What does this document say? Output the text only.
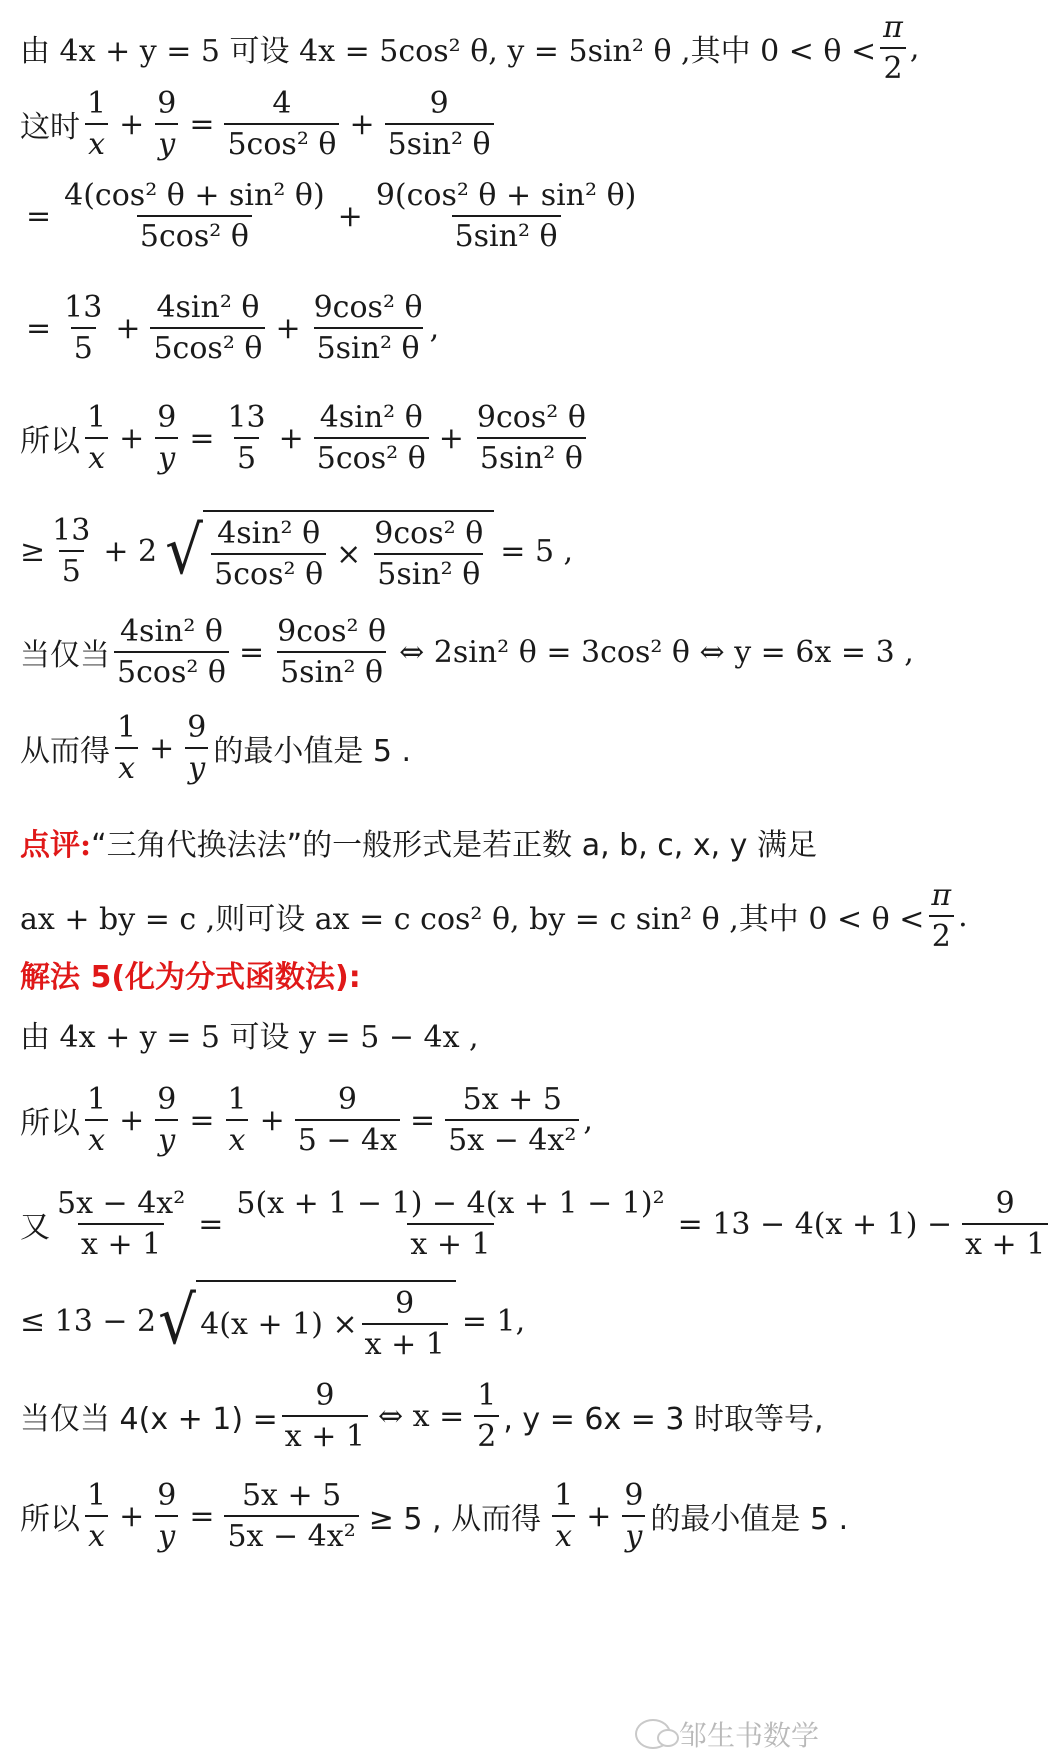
由 4x + y = 5 可设 4x = 5cos² θ, y = 5sin² θ ,其中 $0 < \theta < \frac{\pi}{2}$ ,
这时 $\frac{1}{x} + \frac{9}{y} = \frac{4}{\text{5cos² θ}} + \frac{9}{\text{5sin² θ}}$
= $\frac{\text{4(cos² θ + sin² θ)}}{\text{5cos² θ}} + \frac{\text{9(cos² θ + sin² θ)}}{\text{5sin² θ}}$
= $\frac{13}{5} + \frac{\text{4sin² θ}}{\text{5cos² θ}} + \frac{\text{9cos² θ}}{\text{5sin² θ}}$ ,
所以 $\frac{1}{x} + \frac{9}{y} = \frac{13}{5} + \frac{\text{4sin² θ}}{\text{5cos² θ}} + \frac{\text{9cos² θ}}{\text{5sin² θ}}$
≥ $\frac{13}{5} + 2$ √ $\frac{\text{4sin² θ}}{\text{5cos² θ}} \times \frac{\text{9cos² θ}}{\text{5sin² θ}} = 5$ ,
当仅当 $\frac{\text{4sin² θ}}{\text{5cos² θ}} = \frac{\text{9cos² θ}}{\text{5sin² θ}}$ ⇔ 2sin² θ = 3cos² θ ⇔ y = 6x = 3 ,
从而得 $\frac{1}{x} + \frac{9}{y}$ 的最小值是 5 .
点评: “三角代换法法”的一般形式是若正数 a, b, c, x, y 满足
ax + by = c ,则可设 ax = c cos² θ, by = c sin² θ ,其中 $0 < \theta < \frac{\pi}{2}$ .
解法 5(化为分式函数法):
由 4x + y = 5 可设 y = 5 − 4x ,
所以 $\frac{1}{x} + \frac{9}{y} = \frac{1}{x} + \frac{9}{5 - 4x} = \frac{5x + 5}{\text{5x − 4x²}}$ ,
又 $\frac{\text{5x − 4x²}}{x + 1} = \frac{\text{5(x + 1 − 1) − 4(x + 1 − 1)²}}{x + 1} = 13 - 4(x + 1) - \frac{9}{x + 1}$
≤ 13 − 2 √ $4(x + 1) \times \frac{9}{x + 1} = 1$,
当仅当 $4(x + 1) = \frac{9}{x + 1}$ ⇔ $x = \frac{1}{2}$ , y = 6x = 3 时取等号,
所以 $\frac{1}{x} + \frac{9}{y} = \frac{5x + 5}{\text{5x − 4x²}} \ge 5$ , 从而得 $\frac{1}{x} + \frac{9}{y}$ 的最小值是 5 .
邹生书数学
